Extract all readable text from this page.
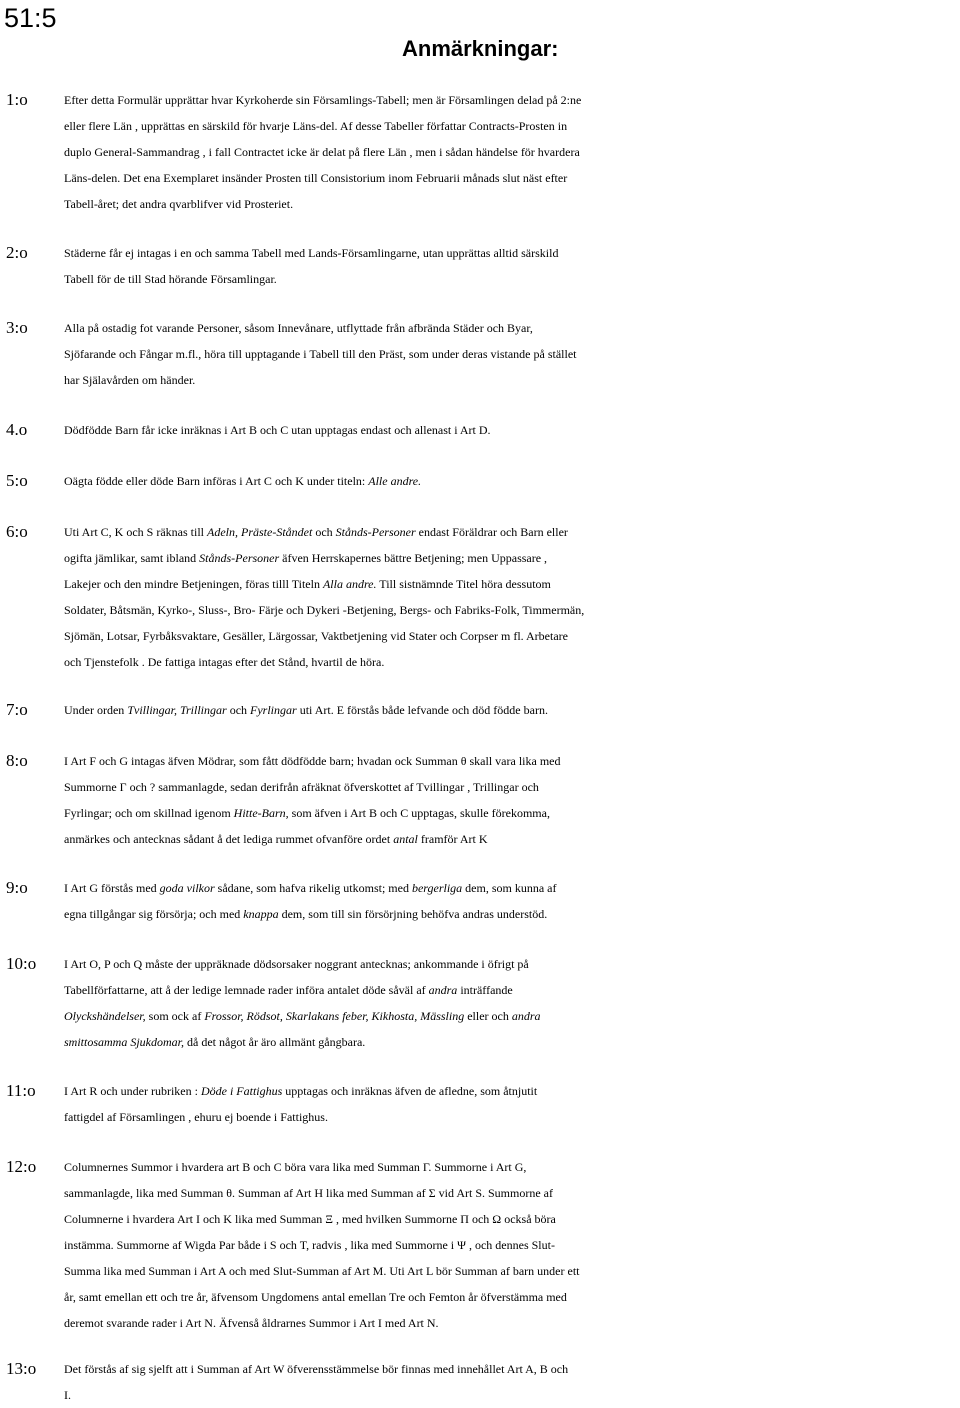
51:5
Anmärkningar:
1:o	Efter detta Formulär upprättar hvar Kyrkoherde sin Församlings-Tabell; men är Församlingen delad på 2:ne
eller flere Län , upprättas en särskild för hvarje Läns-del. Af desse Tabeller författar Contracts-Prosten in
duplo General-Sammandrag , i fall Contractet icke är delat på flere Län , men i sådan händelse för hvardera
Läns-delen. Det ena Exemplaret insänder Prosten till Consistorium inom Februarii månads slut näst efter
Tabell-året; det andra qvarblifver vid Prosteriet.
2:o	Städerne får ej intagas i en och samma Tabell med Lands-Församlingarne, utan upprättas alltid särskild
Tabell för de till Stad hörande Församlingar.
3:o	Alla på ostadig fot varande Personer, såsom Innevånare, utflyttade från afbrända Städer och Byar,
Sjöfarande och Fångar m.fl., höra till upptagande i Tabell till den Präst, som under deras vistande på stället
har Själavården om händer.
4.o	Dödfödde Barn får icke inräknas i Art B och C utan upptagas endast och allenast i Art D.
5:o	Oägta födde eller döde Barn införas i Art C och K under titeln: Alle andre.
6:o	Uti Art C, K och S räknas till Adeln, Präste-Ståndet och Stånds-Personer endast Föräldrar och Barn eller
ogifta jämlikar, samt ibland Stånds-Personer äfven Herrskapernes bättre Betjening; men Uppassare ,
Lakejer och den mindre Betjeningen, föras tilll Titeln Alla andre. Till sistnämnde Titel höra dessutom
Soldater, Båtsmän, Kyrko-, Sluss-, Bro- Färje och Dykeri -Betjening, Bergs- och Fabriks-Folk, Timmermän,
Sjömän, Lotsar, Fyrbåksvaktare, Gesäller, Lärgossar, Vaktbetjening vid Stater och Corpser m fl. Arbetare
och Tjenstefolk . De fattiga intagas efter det Stånd, hvartil de höra.
7:o	Under orden Tvillingar, Trillingar och Fyrlingar uti Art. E förstås både lefvande och död födde barn.
8:o	I Art F och G intagas äfven Mödrar, som fått dödfödde barn; hvadan ock Summan θ skall vara lika med
Summorne Γ och ? sammanlagde, sedan derifrån afräknat öfverskottet af Tvillingar , Trillingar och
Fyrlingar; och om skillnad igenom Hitte-Barn, som äfven i Art B och C upptagas, skulle förekomma,
anmärkes och antecknas sådant å det lediga rummet ofvanföre ordet antal framför Art K
9:o	I Art G förstås med goda vilkor sådane, som hafva rikelig utkomst; med bergerliga dem, som kunna af
egna tillgångar sig försörja; och med knappa dem, som till sin försörjning behöfva andras understöd.
10:o I Art O, P och Q måste der uppräknade dödsorsaker noggrant antecknas; ankommande i öfrigt på
Tabellförfattarne, att å der ledige lemnade rader införa antalet döde såväl af andra inträffande
Olyckshändelser, som ock af Frossor, Rödsot, Skarlakans feber, Kikhosta, Mässling eller och andra
smittosamma Sjukdomar, då det något år äro allmänt gångbara.
11:o I Art R och under rubriken : Döde i Fattighus upptagas och inräknas äfven de afledne, som åtnjutit
fattigdel af Församlingen , ehuru ej boende i Fattighus.
12:o Columnernes Summor i hvardera art B och C böra vara lika med Summan Γ. Summorne i Art G,
sammanlagde, lika med Summan θ. Summan af Art H lika med Summan af Σ vid Art S. Summorne af
Columnerne i hvardera Art I och K lika med Summan Ξ , med hvilken Summorne Π och Ω också böra
instämma. Summorne af Wigda Par både i S och T, radvis , lika med Summorne i Ψ , och dennes Slut-
Summa lika med Summan i Art A och med Slut-Summan af Art M. Uti Art L bör Summan af barn under ett
år, samt emellan ett och tre år, äfvensom Ungdomens antal emellan Tre och Femton år öfverstämma med
deremot svarande rader i Art N. Äfvenså åldrarnes Summor i Art I med Art N.
13:o Det förstås af sig sjelft att i Summan af Art W öfverensstämmelse bör finnas med innehållet Art A, B och
I.
